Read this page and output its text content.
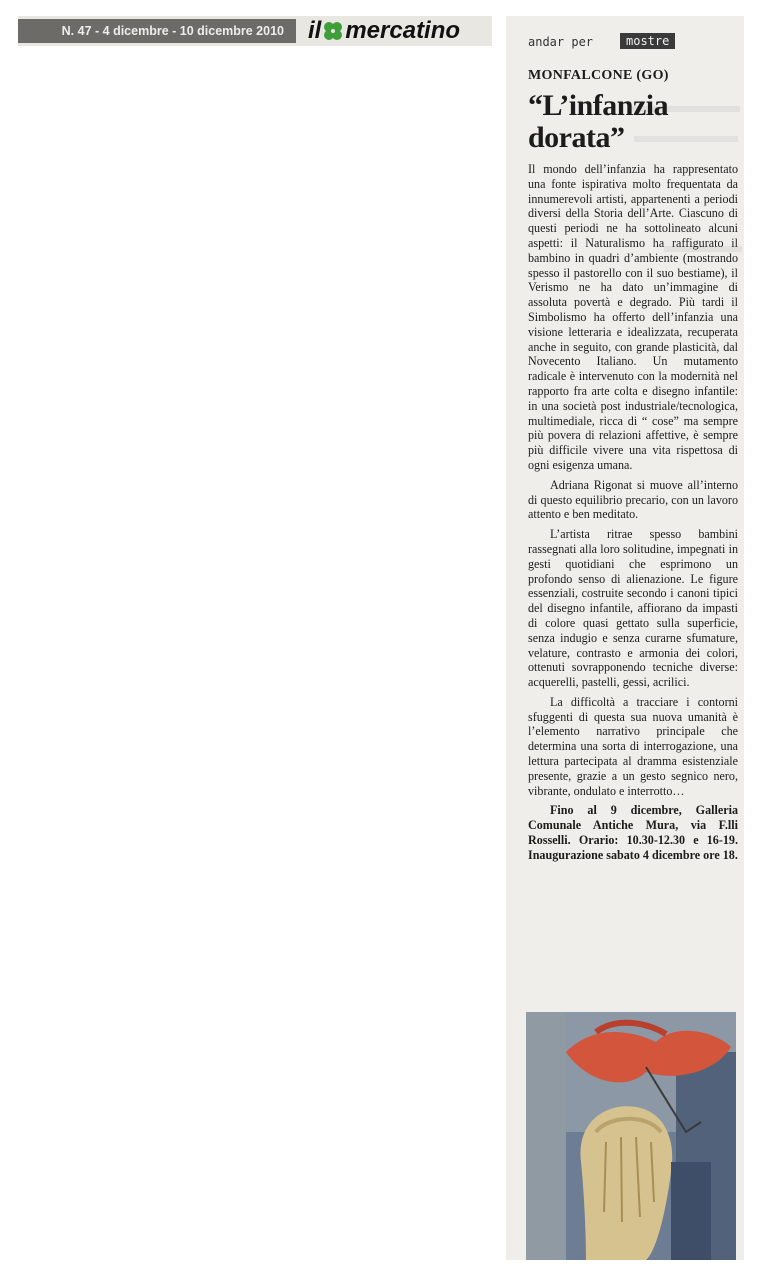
N. 47 - 4 dicembre - 10 dicembre 2010	il mercatino	andar per	mostre
MONFALCONE (GO)
“L’infanzia dorata”

Il mondo dell’infanzia ha rappresentato una fonte ispirativa molto frequentata da innumerevoli artisti, appartenenti a periodi diversi della Storia dell’Arte. Ciascuno di questi periodi ne ha sottolineato alcuni aspetti: il Naturalismo ha raffigurato il bambino in quadri d’ambiente (mostrando spesso il pastorello con il suo bestiame), il Verismo ne ha dato un’immagine di assoluta povertà e degrado. Più tardi il Simbolismo ha offerto dell’infanzia una visione letteraria e idealizzata, recuperata anche in seguito, con grande plasticità, dal Novecento Italiano. Un mutamento radicale è intervenuto con la modernità nel rapporto fra arte colta e disegno infantile: in una società post industriale/tecnologica, multimediale, ricca di “ cose” ma sempre più povera di relazioni affettive, è sempre più difficile vivere una vita rispettosa di ogni esigenza umana.

Adriana Rigonat si muove all’interno di questo equilibrio precario, con un lavoro attento e ben meditato.

L’artista ritrae spesso bambini rassegnati alla loro solitudine, impegnati in gesti quotidiani che esprimono un profondo senso di alienazione. Le figure essenziali, costruite secondo i canoni tipici del disegno infantile, affiorano da impasti di colore quasi gettato sulla superficie, senza indugio e senza curarne sfumature, velature, contrasto e armonia dei colori, ottenuti sovrapponendo tecniche diverse: acquerelli, pastelli, gessi, acrilici.

La difficoltà a tracciare i contorni sfuggenti di questa sua nuova umanità è l’elemento narrativo principale che determina una sorta di interrogazione, una lettura partecipata al dramma esistenziale presente, grazie a un gesto segnico nero, vibrante, ondulato e interrotto…

Fino al 9 dicembre, Galleria Comunale Antiche Mura, via F.lli Rosselli. Orario: 10.30-12.30 e 16-19. Inaugurazione sabato 4 dicembre ore 18.
